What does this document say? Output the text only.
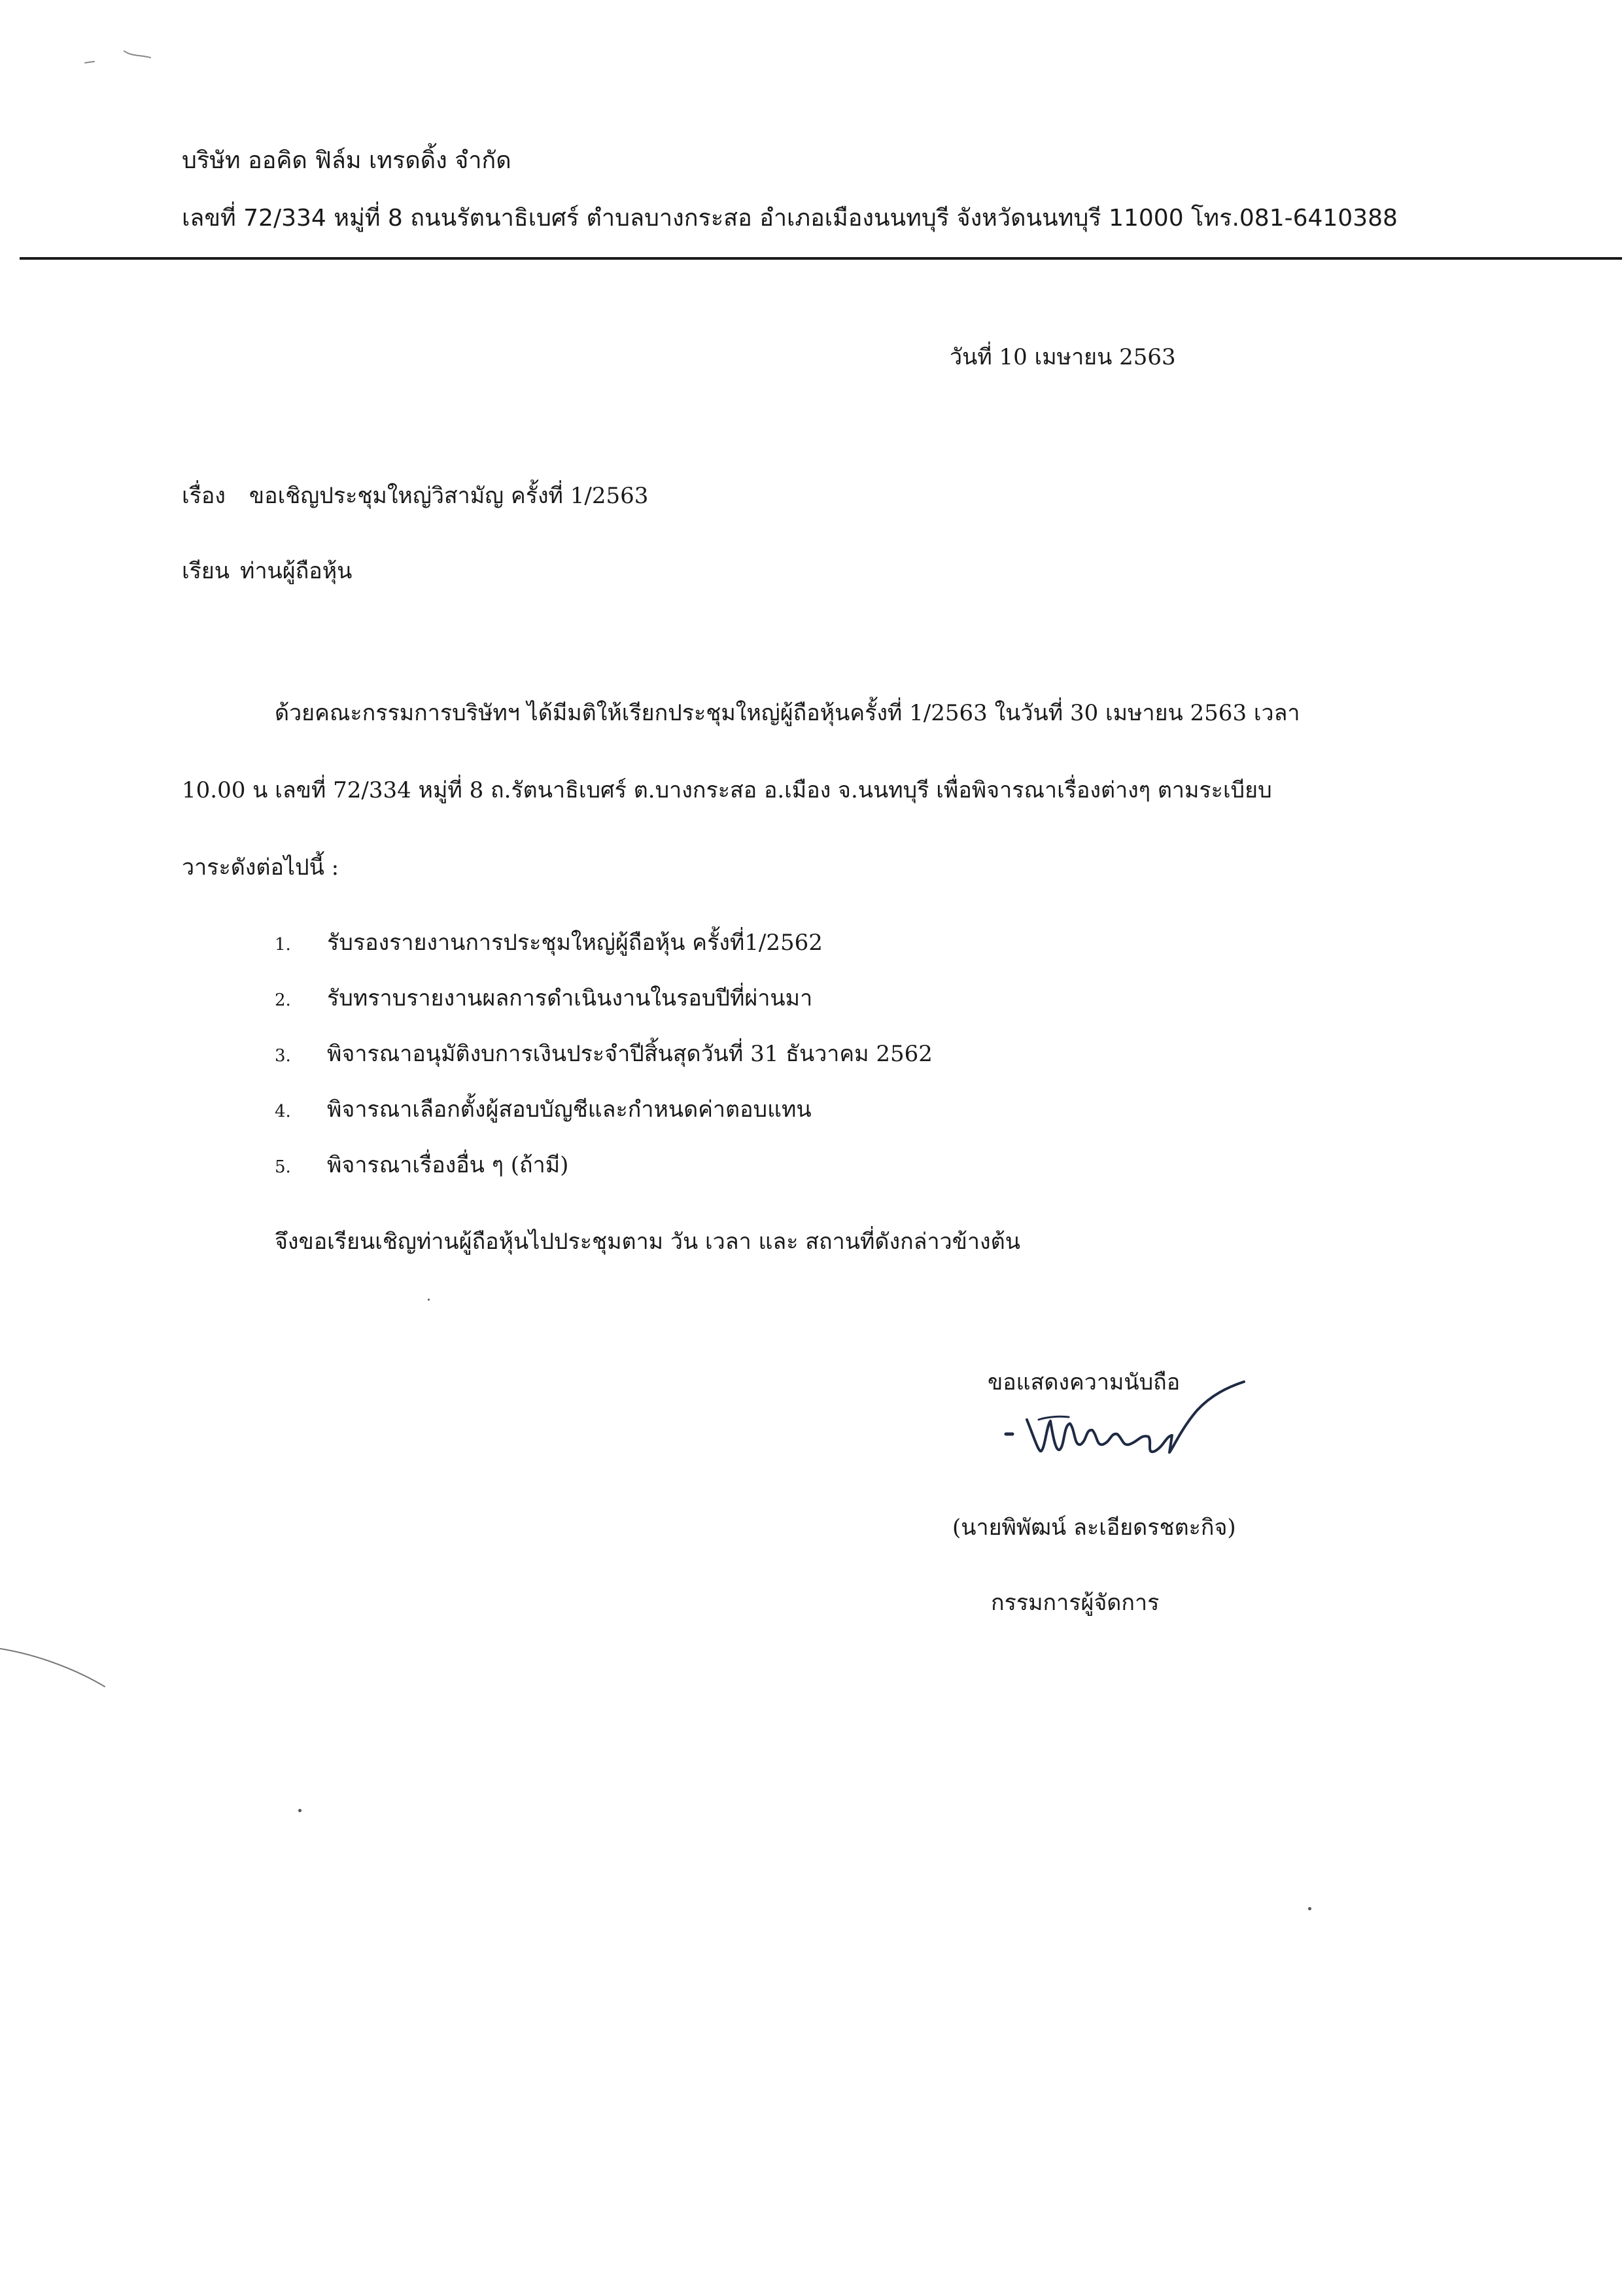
บริษัท ออคิด ฟิล์ม เทรดดิ้ง จำกัด
เลขที่ 72/334 หมู่ที่ 8 ถนนรัตนาธิเบศร์ ตำบลบางกระสอ อำเภอเมืองนนทบุรี จังหวัดนนทบุรี 11000 โทร.081-6410388
วันที่ 10 เมษายน 2563
เรื่อง ขอเชิญประชุมใหญ่วิสามัญ ครั้งที่ 1/2563
เรียน ท่านผู้ถือหุ้น
ด้วยคณะกรรมการบริษัทฯ ได้มีมติให้เรียกประชุมใหญ่ผู้ถือหุ้นครั้งที่ 1/2563 ในวันที่ 30 เมษายน 2563 เวลา
10.00 น เลขที่ 72/334 หมู่ที่ 8 ถ.รัตนาธิเบศร์ ต.บางกระสอ อ.เมือง จ.นนทบุรี เพื่อพิจารณาเรื่องต่างๆ ตามระเบียบ
วาระดังต่อไปนี้ :
1. รับรองรายงานการประชุมใหญ่ผู้ถือหุ้น ครั้งที่1/2562
2. รับทราบรายงานผลการดำเนินงานในรอบปีที่ผ่านมา
3. พิจารณาอนุมัติงบการเงินประจำปีสิ้นสุดวันที่ 31 ธันวาคม 2562
4. พิจารณาเลือกตั้งผู้สอบบัญชีและกำหนดค่าตอบแทน
5. พิจารณาเรื่องอื่น ๆ (ถ้ามี)
จึงขอเรียนเชิญท่านผู้ถือหุ้นไปประชุมตาม วัน เวลา และ สถานที่ดังกล่าวข้างต้น
ขอแสดงความนับถือ
(นายพิพัฒน์ ละเอียดรชตะกิจ)
กรรมการผู้จัดการ
